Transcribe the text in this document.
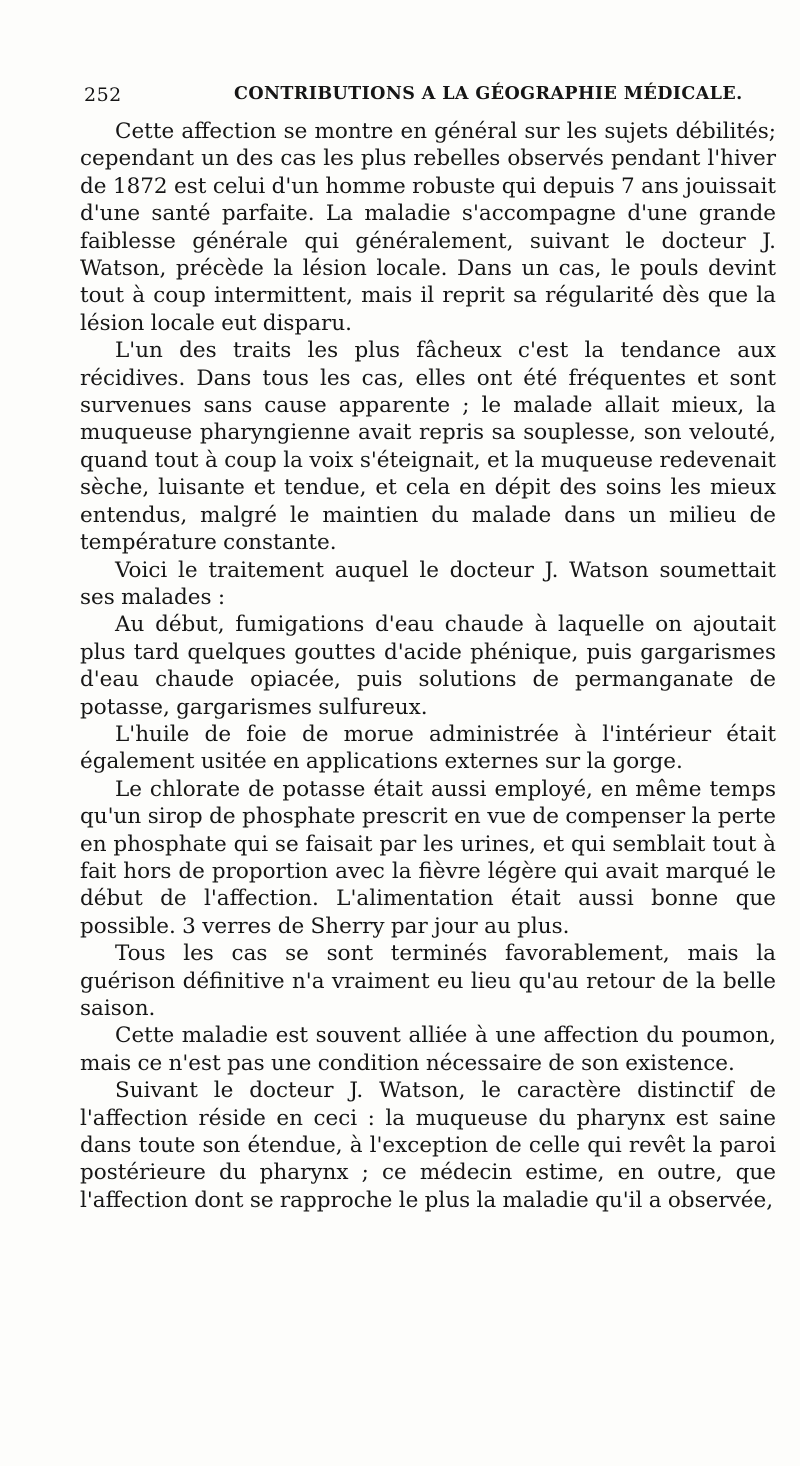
252	CONTRIBUTIONS A LA GÉOGRAPHIE MÉDICALE.

Cette affection se montre en général sur les sujets débilités; cependant un des cas les plus rebelles observés pendant l'hiver de 1872 est celui d'un homme robuste qui depuis 7 ans jouissait d'une santé parfaite. La maladie s'accompagne d'une grande faiblesse générale qui généralement, suivant le docteur J. Watson, précède la lésion locale. Dans un cas, le pouls devint tout à coup intermittent, mais il reprit sa régularité dès que la lésion locale eut disparu.

L'un des traits les plus fâcheux c'est la tendance aux récidives. Dans tous les cas, elles ont été fréquentes et sont survenues sans cause apparente ; le malade allait mieux, la muqueuse pharyngienne avait repris sa souplesse, son velouté, quand tout à coup la voix s'éteignait, et la muqueuse redevenait sèche, luisante et tendue, et cela en dépit des soins les mieux entendus, malgré le maintien du malade dans un milieu de température constante.

Voici le traitement auquel le docteur J. Watson soumettait ses malades :

Au début, fumigations d'eau chaude à laquelle on ajoutait plus tard quelques gouttes d'acide phénique, puis gargarismes d'eau chaude opiacée, puis solutions de permanganate de potasse, gargarismes sulfureux.

L'huile de foie de morue administrée à l'intérieur était également usitée en applications externes sur la gorge.

Le chlorate de potasse était aussi employé, en même temps qu'un sirop de phosphate prescrit en vue de compenser la perte en phosphate qui se faisait par les urines, et qui semblait tout à fait hors de proportion avec la fièvre légère qui avait marqué le début de l'affection. L'alimentation était aussi bonne que possible. 3 verres de Sherry par jour au plus.

Tous les cas se sont terminés favorablement, mais la guérison définitive n'a vraiment eu lieu qu'au retour de la belle saison.

Cette maladie est souvent alliée à une affection du poumon, mais ce n'est pas une condition nécessaire de son existence.

Suivant le docteur J. Watson, le caractère distinctif de l'affection réside en ceci : la muqueuse du pharynx est saine dans toute son étendue, à l'exception de celle qui revêt la paroi postérieure du pharynx ; ce médecin estime, en outre, que l'affection dont se rapproche le plus la maladie qu'il a observée,
